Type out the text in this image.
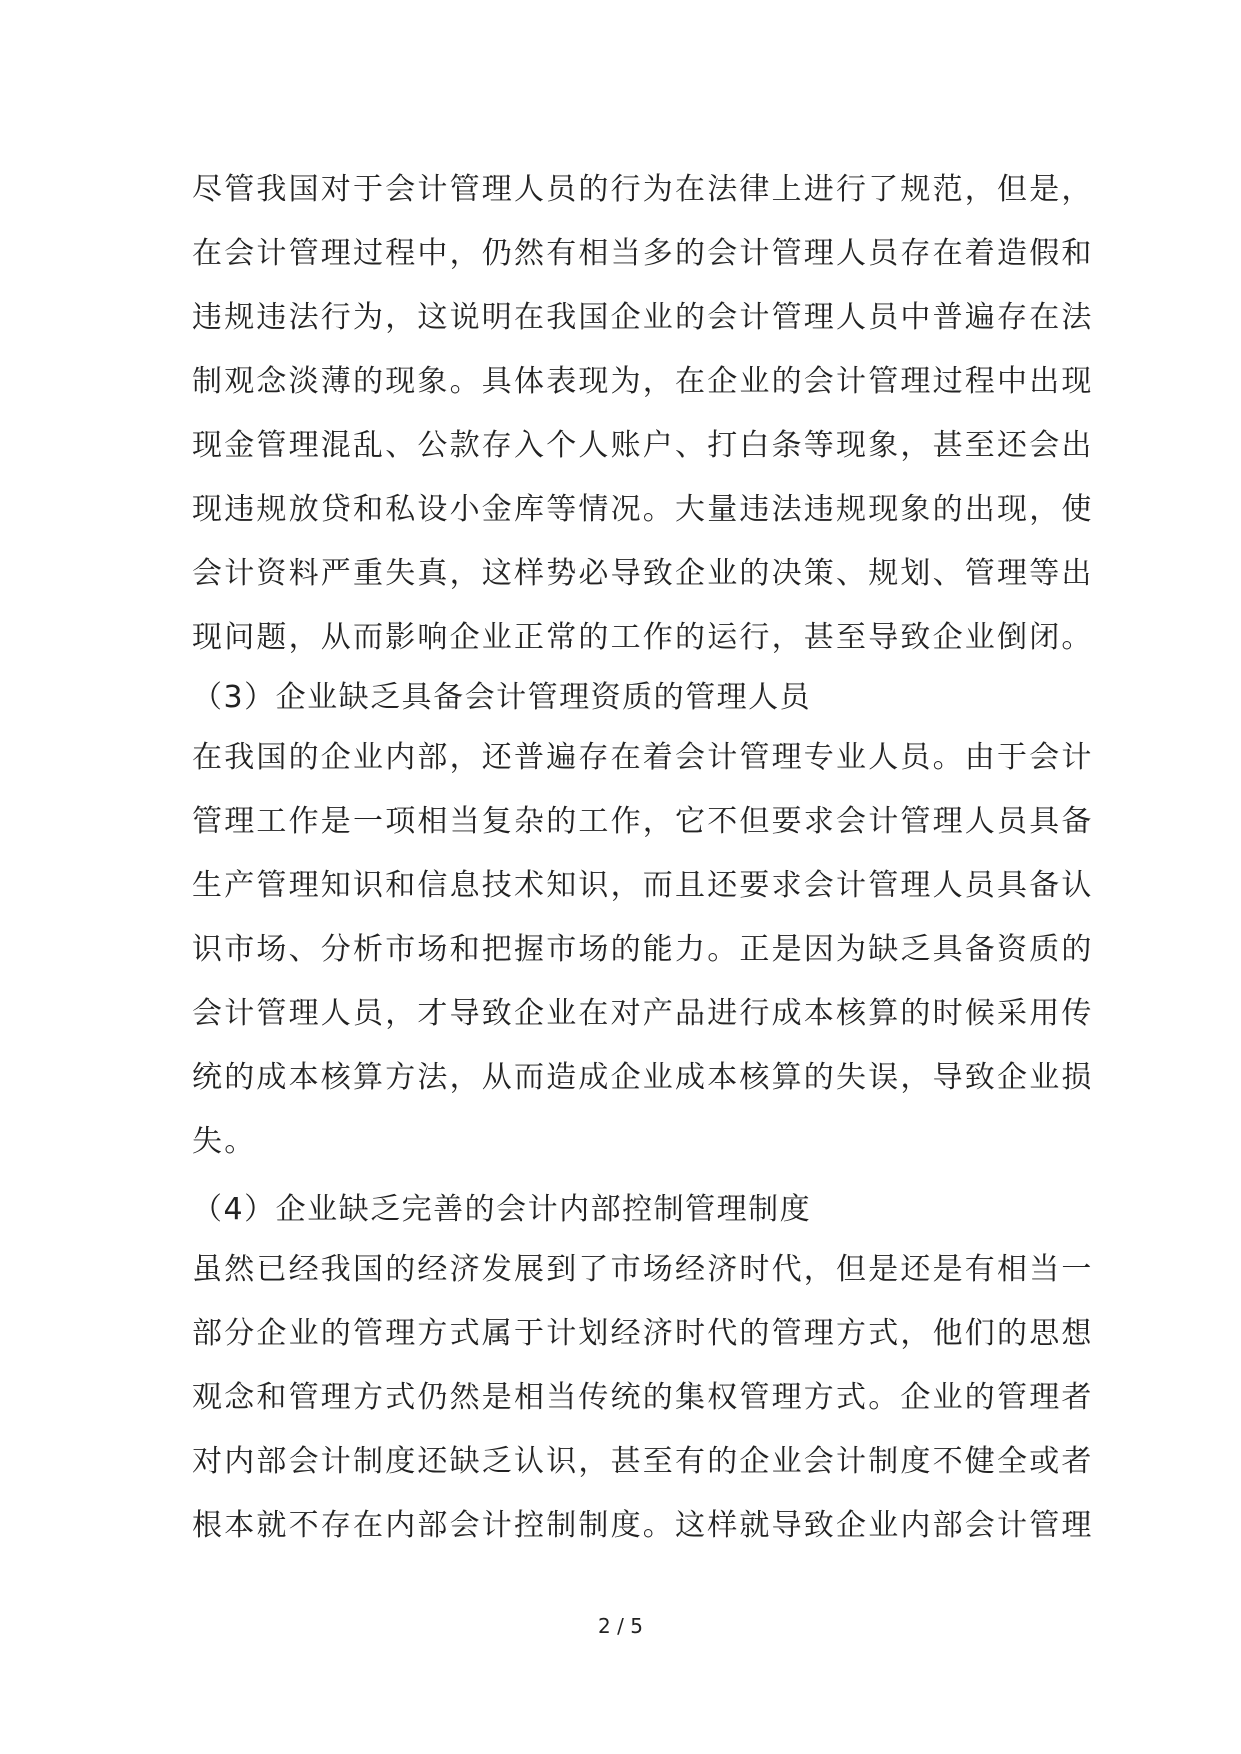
尽管我国对于会计管理人员的行为在法律上进行了规范，但是，
在会计管理过程中，仍然有相当多的会计管理人员存在着造假和
违规违法行为，这说明在我国企业的会计管理人员中普遍存在法
制观念淡薄的现象。具体表现为，在企业的会计管理过程中出现
现金管理混乱、公款存入个人账户、打白条等现象，甚至还会出
现违规放贷和私设小金库等情况。大量违法违规现象的出现，使
会计资料严重失真，这样势必导致企业的决策、规划、管理等出
现问题，从而影响企业正常的工作的运行，甚至导致企业倒闭。
（3）企业缺乏具备会计管理资质的管理人员
在我国的企业内部，还普遍存在着会计管理专业人员。由于会计
管理工作是一项相当复杂的工作，它不但要求会计管理人员具备
生产管理知识和信息技术知识，而且还要求会计管理人员具备认
识市场、分析市场和把握市场的能力。正是因为缺乏具备资质的
会计管理人员，才导致企业在对产品进行成本核算的时候采用传
统的成本核算方法，从而造成企业成本核算的失误，导致企业损
失。
（4）企业缺乏完善的会计内部控制管理制度
虽然已经我国的经济发展到了市场经济时代，但是还是有相当一
部分企业的管理方式属于计划经济时代的管理方式，他们的思想
观念和管理方式仍然是相当传统的集权管理方式。企业的管理者
对内部会计制度还缺乏认识，甚至有的企业会计制度不健全或者
根本就不存在内部会计控制制度。这样就导致企业内部会计管理
2 / 5
